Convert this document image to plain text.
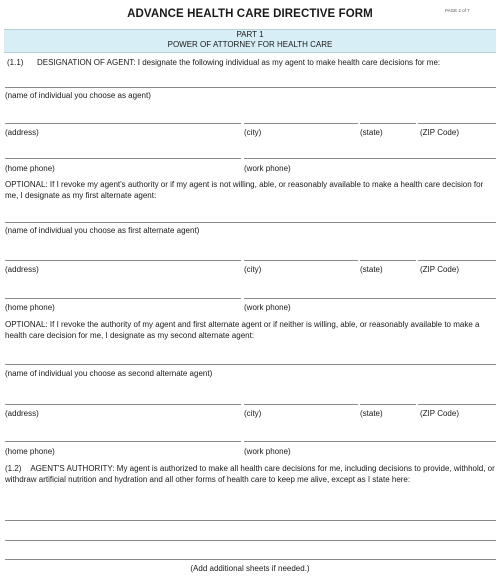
ADVANCE HEALTH CARE DIRECTIVE FORM	PAGE 2 of 7
PART 1
POWER OF ATTORNEY FOR HEALTH CARE
(1.1) DESIGNATION OF AGENT: I designate the following individual as my agent to make health care decisions for me:
(name of individual you choose as agent)
(address)	(city)	(state)	(ZIP Code)
(home phone)	(work phone)
OPTIONAL: If I revoke my agent's authority or if my agent is not willing, able, or reasonably available to make a health care decision for me, I designate as my first alternate agent:
(name of individual you choose as first alternate agent)
(address)	(city)	(state)	(ZIP Code)
(home phone)	(work phone)
OPTIONAL: If I revoke the authority of my agent and first alternate agent or if neither is willing, able, or reasonably available to make a health care decision for me, I designate as my second alternate agent:
(name of individual you choose as second alternate agent)
(address)	(city)	(state)	(ZIP Code)
(home phone)	(work phone)
(1.2) AGENT'S AUTHORITY: My agent is authorized to make all health care decisions for me, including decisions to provide, withhold, or withdraw artificial nutrition and hydration and all other forms of health care to keep me alive, except as I state here:
(Add additional sheets if needed.)
